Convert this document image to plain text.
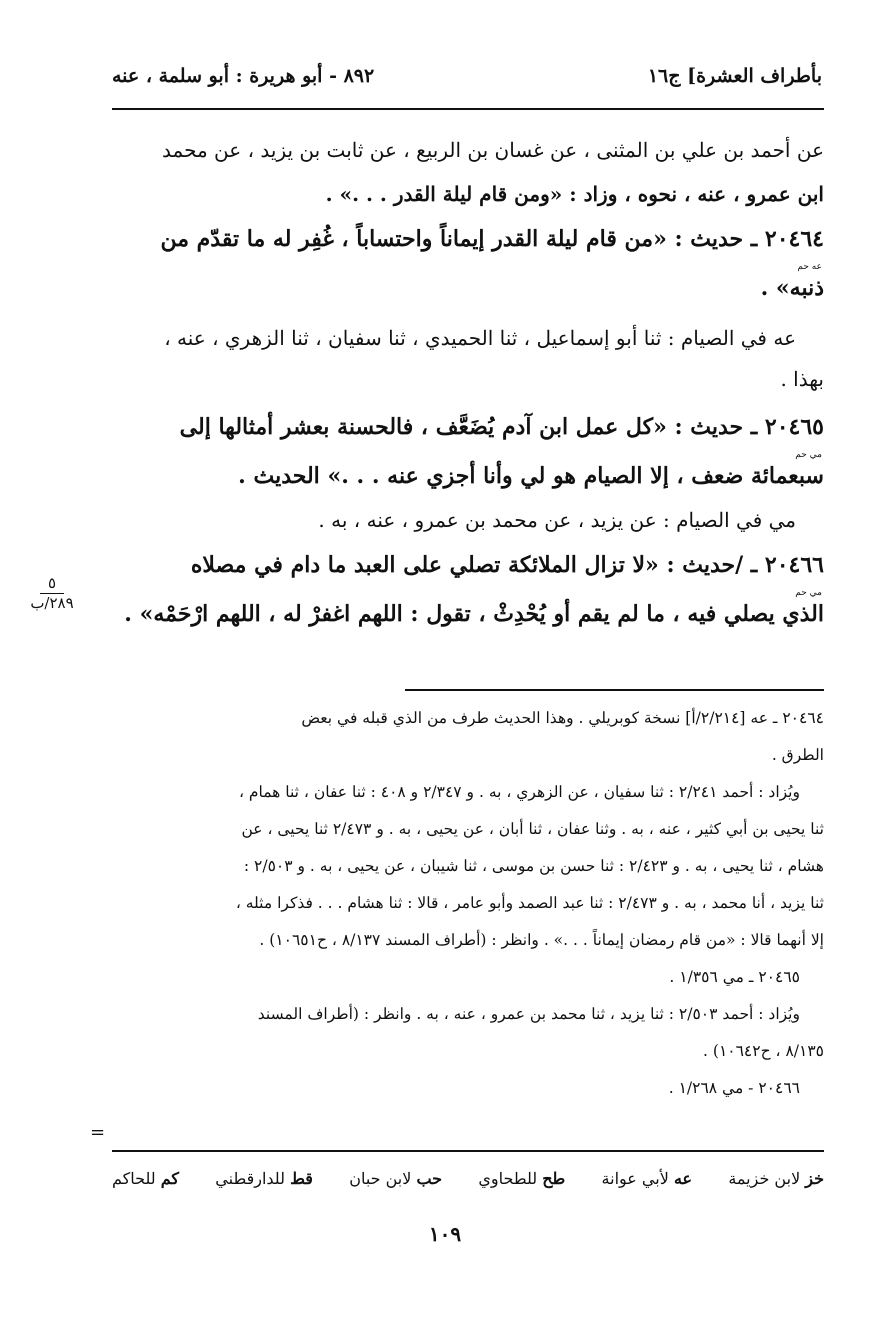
٨٩٢ - أبو هريرة : أبو سلمة ، عنه	بأطراف العشرة] ج١٦
عن أحمد بن علي بن المثنى ، عن غسان بن الربيع ، عن ثابت بن يزيد ، عن محمد
ابن عمرو ، عنه ، نحوه ، وزاد : «ومن قام ليلة القدر . . .» .
٢٠٤٦٤ ـ حديث : «من قام ليلة القدر إيماناً واحتساباً ، غُفِر له ما تقدّم من
عه حم
ذنبه» .
عه في الصيام : ثنا أبو إسماعيل ، ثنا الحميدي ، ثنا سفيان ، ثنا الزهري ، عنه ،
بهذا .
٢٠٤٦٥ ـ حديث : «كل عمل ابن آدم يُضَعَّف ، فالحسنة بعشر أمثالها إلى
مي حم
سبعمائة ضعف ، إلا الصيام هو لي وأنا أجزي عنه . . .» الحديث .
مي في الصيام : عن يزيد ، عن محمد بن عمرو ، عنه ، به .
٢٠٤٦٦ ـ /حديث : «لا تزال الملائكة تصلي على العبد ما دام في مصلاه
مي حم
الذي يصلي فيه ، ما لم يقم أو يُحْدِثْ ، تقول : اللهم اغفرْ له ، اللهم ارْحَمْه» .
٥
٢٨٩/ب
٢٠٤٦٤ ـ عه [٢/٢١٤/أ] نسخة كوبريلي . وهذا الحديث طرف من الذي قبله في بعض
الطرق .
ويُزاد : أحمد ٢/٢٤١ : ثنا سفيان ، عن الزهري ، به . و ٢/٣٤٧ و ٤٠٨ : ثنا عفان ، ثنا همام ،
ثنا يحيى بن أبي كثير ، عنه ، به . وثنا عفان ، ثنا أبان ، عن يحيى ، به . و ٢/٤٧٣ ثنا يحيى ، عن
هشام ، ثنا يحيى ، به . و ٢/٤٢٣ : ثنا حسن بن موسى ، ثنا شيبان ، عن يحيى ، به . و ٢/٥٠٣ :
ثنا يزيد ، أنا محمد ، به . و ٢/٤٧٣ : ثنا عبد الصمد وأبو عامر ، قالا : ثنا هشام . . . فذكرا مثله ،
إلا أنهما قالا : «من قام رمضان إيماناً . . .» . وانظر : (أطراف المسند ٨/١٣٧ ، ح١٠٦٥١) .
٢٠٤٦٥ ـ مي ١/٣٥٦ .
ويُزاد : أحمد ٢/٥٠٣ : ثنا يزيد ، ثنا محمد بن عمرو ، عنه ، به . وانظر : (أطراف المسند
٨/١٣٥ ، ح١٠٦٤٢) .
٢٠٤٦٦ - مي ١/٢٦٨ .
=
خز لابن خزيمة
عه لأبي عوانة
طح للطحاوي
حب لابن حبان
قط للدارقطني
كم للحاكم
١٠٩
